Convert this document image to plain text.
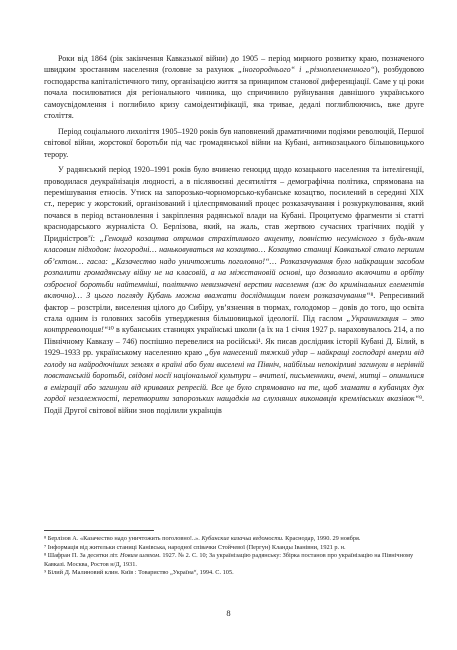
Роки від 1864 (рік закінчення Кавказької війни) до 1905 – період мирного розвитку краю, позначеного швидким зростанням населення (головне за рахунок „іногороднього“ і „різнопленменного“), розбудовою господарства капіталістичного типу, організацією життя за принципом станової диференціації. Саме у ці роки почала посилюватися дія регіонального чинника, що спричинило руйнування давнішого українського самоусвідомлення і поглибило кризу самоідентифікації, яка тривае, дедалі поглиблюючись, вже друге століття.

Період соціального лихоліття 1905–1920 років був наповнений драматичними подіями революцій, Першої світової війни, жорстокої боротьби під час громадянської війни на Кубані, антикозацького більшовицького терору.

У радянський період 1920–1991 років було вчинено геноцид щодо козацького населення та інтелігенції, проводилася деукраїнізація людності, а в післявоєнні десятиліття – демографічна політика, спрямована на перемішування етносів. Утиск на запорозько-чорноморсько-кубанське козацтво, посилений в середині ХІХ ст., перерис у жорстокий, організований і цілеспрямований процес розказачування і розкуркулювання, який почався в період встановлення і закріплення радянської влади на Кубані. Процитуємо фрагменти зі статті краснодарського журналіста О. Берлізова, який, на жаль, став жертвою сучасних трагічних подій у Придністров’ї: „Геноцид козацтва отримав страхітливого акценту, повністю несумісного з будь-яким класовим підходом: іногородні… наньковуваться на козацтво… Козацтво станиці Кавказької стало першим об’єктом… гасла: „Казачество надо уничтожить поголовно!“… Розказачування було найкращим засобом розпалити громадянську війну не на класовій, а на міжстановій основі, що дозволило включити в орбіту озброєної боротьби найтемніші, політично невизначені верстви населення (аж до кримінальних елементів включно)… З цього погляду Кубань можна вважати досліднищим полем розказачування“⁸. Репресивний фактор – розстріли, виселення цілого до Сибіру, ув’язнення в тюрмах, голодомор – довів до того, що освіта стала одним із головних засобів утвердження більшовицької ідеології. Під гаслом „Украинизация – это контрреволюция!“¹⁰ в кубанських станицях українські школи (а їх на 1 січня 1927 р. нараховувалось 214, а по Північному Кавказу – 746) поспішно перевелися на російські¹. Як писав дослідник історії Кубані Д. Білий, в 1929–1933 рр. українському населенню краю „був нанесений тяжкий удар – найкращі господарі вмерли від голоду на найродючіших землях в країні або були виселені на Північ, найбільш непокірливі загинули в нерівній повстанській боротьбі, свідомі носії національної культури – вчителі, письменники, вчені, митці – опинилися в еміграції або загинули від кривавих репресій. Все це було спрямовано на те, щоб зламати в кубанцях дух гордої незалежності, перетворити запорозьких нащадків на слухняних виконавців кремлівських вказівок“⁹. Події Другої світової війни знов поділили українців

⁸ Берлізов А. «Казачество надо уничтожить поголовно!..». Кубанские казачьи ведомости. Краснодар, 1990. 29 ноября.
⁷ Інформація від жительки станиці Канівська, народної співачки Стойчевої (Пергун) Кланды Іванівни, 1921 р. н.
⁸ Шафран П. За десятки літ. Новим шляхом. 1927. № 2. С. 10; За українізацію радянську: Збірка постанов про українізацію на Північному Кавказі. Москва, Ростов н/Д, 1931.
⁹ Білий Д. Малиновий клин. Київ : Товариство „Україна“, 1994. С. 105.
8
